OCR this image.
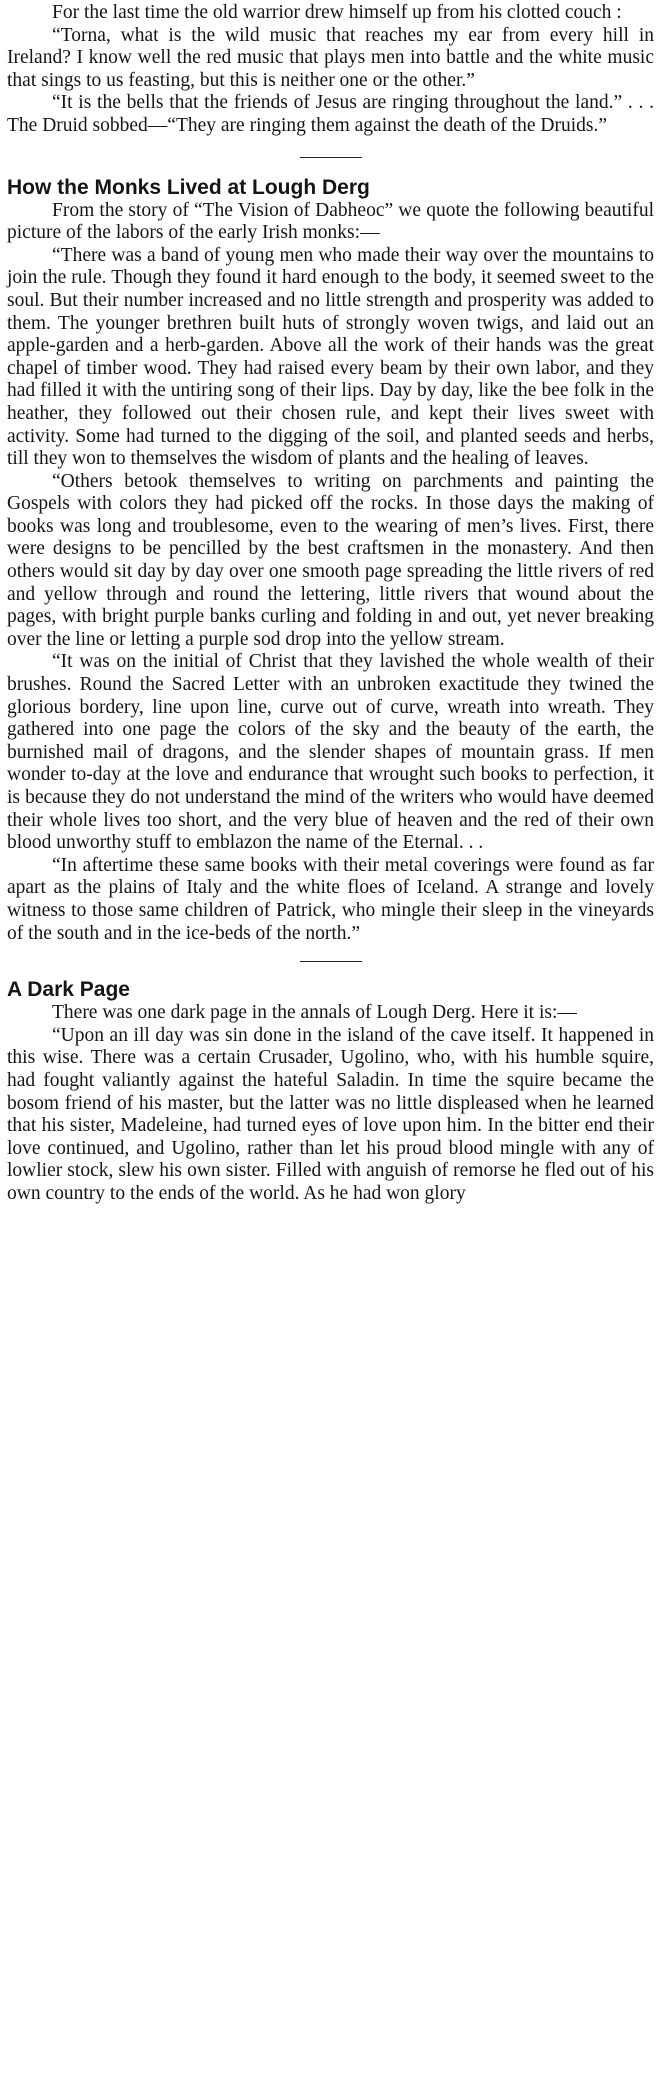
For the last time the old warrior drew himself up from his clotted couch :

“Torna, what is the wild music that reaches my ear from every hill in Ireland? I know well the red music that plays men into battle and the white music that sings to us feasting, but this is neither one or the other.”

“It is the bells that the friends of Jesus are ringing throughout the land.” . . . The Druid sobbed—“They are ringing them against the death of the Druids.”

How the Monks Lived at Lough Derg

From the story of “The Vision of Dabheoc” we quote the following beautiful picture of the labors of the early Irish monks:—

“There was a band of young men who made their way over the mountains to join the rule. Though they found it hard enough to the body, it seemed sweet to the soul. But their number increased and no little strength and prosperity was added to them. The younger brethren built huts of strongly woven twigs, and laid out an apple-garden and a herb-garden. Above all the work of their hands was the great chapel of timber wood. They had raised every beam by their own labor, and they had filled it with the untiring song of their lips. Day by day, like the bee folk in the heather, they followed out their chosen rule, and kept their lives sweet with activity. Some had turned to the digging of the soil, and planted seeds and herbs, till they won to themselves the wisdom of plants and the healing of leaves.

“Others betook themselves to writing on parchments and painting the Gospels with colors they had picked off the rocks. In those days the making of books was long and troublesome, even to the wearing of men’s lives. First, there were designs to be pencilled by the best craftsmen in the monastery. And then others would sit day by day over one smooth page spreading the little rivers of red and yellow through and round the lettering, little rivers that wound about the pages, with bright purple banks curling and folding in and out, yet never breaking over the line or letting a purple sod drop into the yellow stream.

“It was on the initial of Christ that they lavished the whole wealth of their brushes. Round the Sacred Letter with an unbroken exactitude they twined the glorious bordery, line upon line, curve out of curve, wreath into wreath. They gathered into one page the colors of the sky and the beauty of the earth, the burnished mail of dragons, and the slender shapes of mountain grass. If men wonder to-day at the love and endurance that wrought such books to perfection, it is because they do not understand the mind of the writers who would have deemed their whole lives too short, and the very blue of heaven and the red of their own blood unworthy stuff to emblazon the name of the Eternal. . .

“In aftertime these same books with their metal coverings were found as far apart as the plains of Italy and the white floes of Iceland. A strange and lovely witness to those same children of Patrick, who mingle their sleep in the vineyards of the south and in the ice-beds of the north.”

A Dark Page

There was one dark page in the annals of Lough Derg. Here it is:—

“Upon an ill day was sin done in the island of the cave itself. It happened in this wise. There was a certain Crusader, Ugolino, who, with his humble squire, had fought valiantly against the hateful Saladin. In time the squire became the bosom friend of his master, but the latter was no little displeased when he learned that his sister, Madeleine, had turned eyes of love upon him. In the bitter end their love continued, and Ugolino, rather than let his proud blood mingle with any of lowlier stock, slew his own sister. Filled with anguish of remorse he fled out of his own country to the ends of the world. As he had won glory
